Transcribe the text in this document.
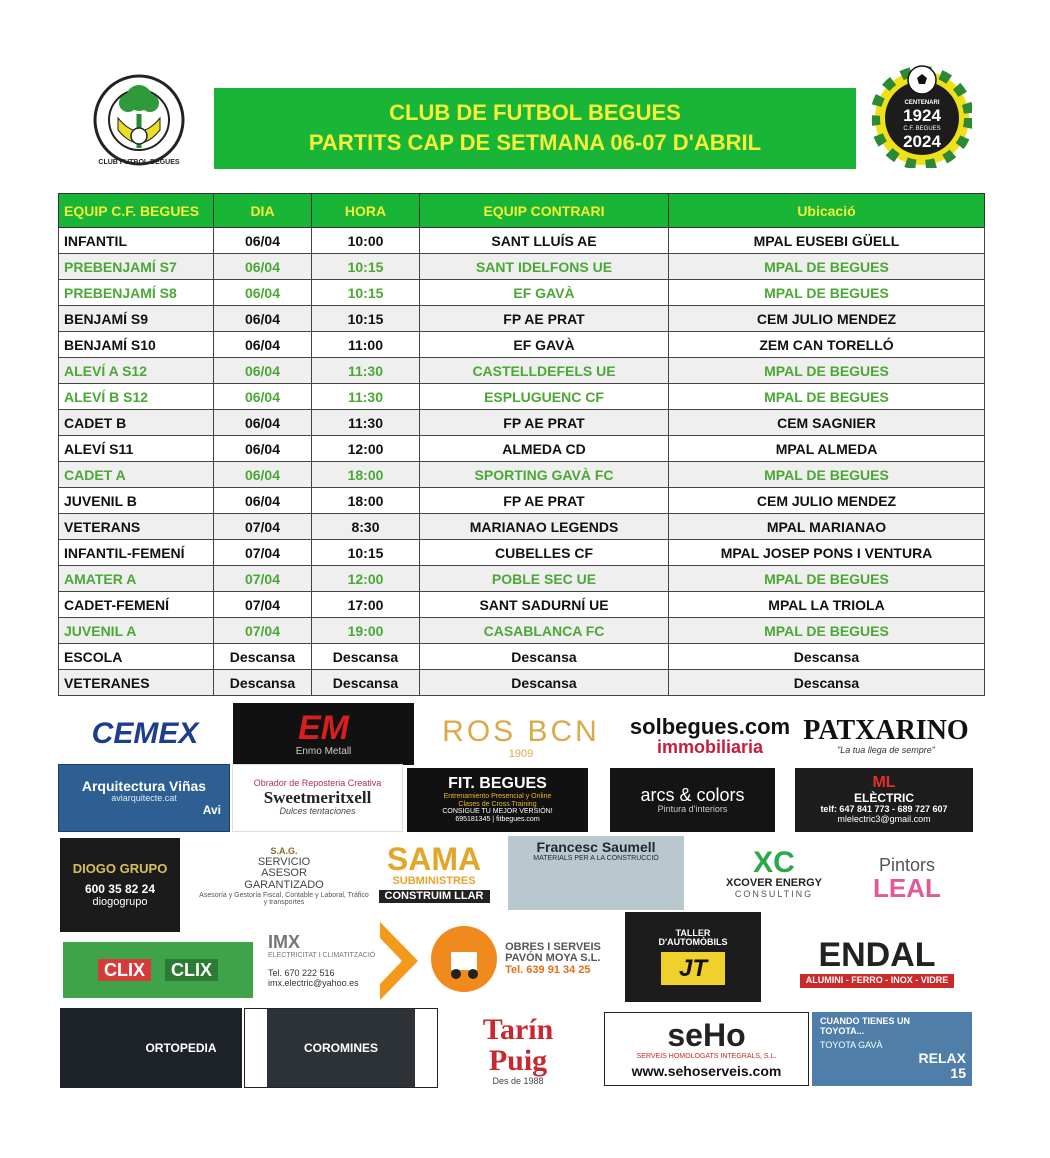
CLUB FUTBOL BEGUES
CLUB DE FUTBOL BEGUES
PARTITS CAP DE SETMANA 06-07 D'ABRIL
CENTENARI
1924
C.F. BEGUES
2024
EQUIP C.F. BEGUES	DIA	HORA	EQUIP CONTRARI	Ubicació
INFANTIL	06/04	10:00	SANT LLUÍS AE	MPAL EUSEBI GÜELL
PREBENJAMÍ S7	06/04	10:15	SANT IDELFONS UE	MPAL DE BEGUES
PREBENJAMÍ S8	06/04	10:15	EF GAVÀ	MPAL DE BEGUES
BENJAMÍ S9	06/04	10:15	FP AE PRAT	CEM JULIO MENDEZ
BENJAMÍ S10	06/04	11:00	EF GAVÀ	ZEM CAN TORELLÓ
ALEVÍ A S12	06/04	11:30	CASTELLDEFELS UE	MPAL DE BEGUES
ALEVÍ B S12	06/04	11:30	ESPLUGUENC CF	MPAL DE BEGUES
CADET B	06/04	11:30	FP AE PRAT	CEM SAGNIER
ALEVÍ S11	06/04	12:00	ALMEDA CD	MPAL ALMEDA
CADET A	06/04	18:00	SPORTING GAVÀ FC	MPAL DE BEGUES
JUVENIL B	06/04	18:00	FP AE PRAT	CEM JULIO MENDEZ
VETERANS	07/04	8:30	MARIANAO LEGENDS	MPAL MARIANAO
INFANTIL-FEMENÍ	07/04	10:15	CUBELLES CF	MPAL JOSEP PONS I VENTURA
AMATER A	07/04	12:00	POBLE SEC UE	MPAL DE BEGUES
CADET-FEMENÍ	07/04	17:00	SANT SADURNÍ UE	MPAL LA TRIOLA
JUVENIL A	07/04	19:00	CASABLANCA FC	MPAL DE BEGUES
ESCOLA	Descansa	Descansa	Descansa	Descansa
VETERANES	Descansa	Descansa	Descansa	Descansa
CEMEX	EM
Enmo Metall
ROS BCN
1909
solbegues.com
immobiliaria
PATXARINO
"La tua llega de sempre"
Arquitectura Viñas
aviarquitecte.cat
Avi
Obrador de Reposteria Creativa
Sweetmeritxell
Dulces tentaciones
FIT. BEGUES
Entrenamiento Presencial y Online
Clases de Cross Training
CONSIGUE TU MEJOR VERSIÓN!
695181345 | fitbegues.com
arcs & colors
Pintura d'interiors
ML
ELÈCTRIC
telf: 647 841 773 - 689 727 607
mlelectric3@gmail.com
DIOGO GRUPO
600 35 82 24
diogogrupo
S.A.G.
SERVICIO
ASESOR
GARANTIZADO
Asesoría y Gestoría Fiscal, Contable y Laboral, Tráfico y transportes
SAMA
SUBMINISTRES
CONSTRUIM LLAR
Francesc Saumell
MATERIALS PER A LA CONSTRUCCIÓ	XC
XCOVER ENERGY
CONSULTING
Pintors
LEAL
CLIX	CLIX
IMX
ELECTRICITAT I CLIMATITZACIÓ
Tel. 670 222 516
imx.electric@yahoo.es
OBRES I SERVEIS
PAVÓN MOYA S.L.
Tel. 639 91 34 25
TALLER
D'AUTOMÒBILS
JT	ENDAL
ALUMINI - FERRO - INOX - VIDRE
ORTOPEDIA	COROMINES
Tarín
Puig
Des de 1988
seHo
SERVEIS HOMOLOGATS INTEGRALS, S.L.
www.sehoserveis.com
CUANDO TIENES UN TOYOTA...
TOYOTA GAVÀ
RELAX
15
